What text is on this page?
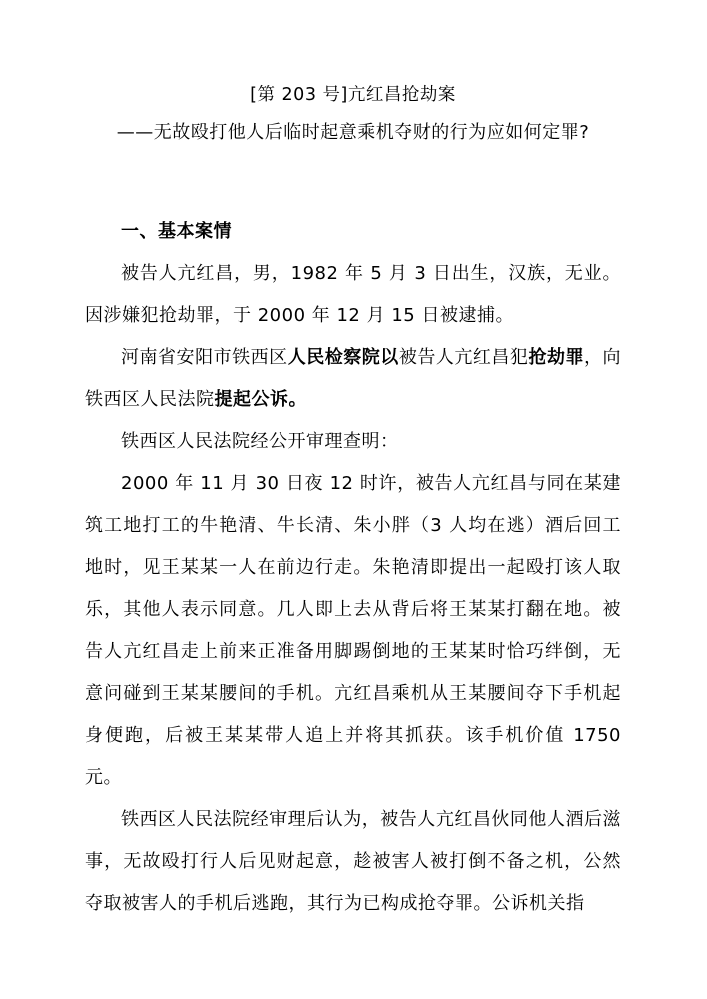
[第 203 号]亢红昌抢劫案
——无故殴打他人后临时起意乘机夺财的行为应如何定罪?
一、基本案情

被告人亢红昌，男，1982 年 5 月 3 日出生，汉族，无业。因涉嫌犯抢劫罪，于 2000 年 12 月 15 日被逮捕。

河南省安阳市铁西区人民检察院以被告人亢红昌犯抢劫罪，向铁西区人民法院提起公诉。

铁西区人民法院经公开审理查明：

2000 年 11 月 30 日夜 12 时许，被告人亢红昌与同在某建筑工地打工的牛艳清、牛长清、朱小胖（3 人均在逃）酒后回工地时，见王某某一人在前边行走。朱艳清即提出一起殴打该人取乐，其他人表示同意。几人即上去从背后将王某某打翻在地。被告人亢红昌走上前来正准备用脚踢倒地的王某某时恰巧绊倒，无意问碰到王某某腰间的手机。亢红昌乘机从王某腰间夺下手机起身便跑，后被王某某带人追上并将其抓获。该手机价值 1750 元。

铁西区人民法院经审理后认为，被告人亢红昌伙同他人酒后滋事，无故殴打行人后见财起意，趁被害人被打倒不备之机，公然夺取被害人的手机后逃跑，其行为已构成抢夺罪。公诉机关指
